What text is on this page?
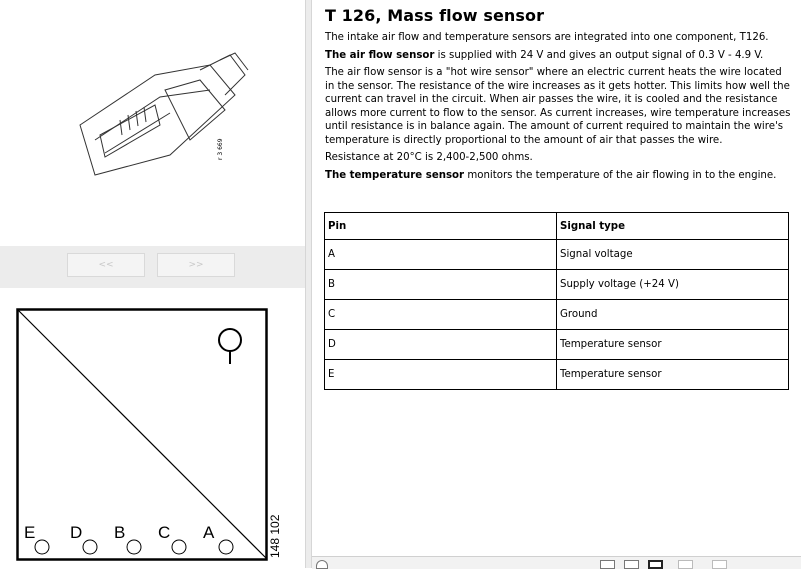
r 3 669
<<	>>
E D B C A	148 102
T 126, Mass flow sensor

The intake air flow and temperature sensors are integrated into one component, T126.

The air flow sensor is supplied with 24 V and gives an output signal of 0.3 V - 4.9 V.

The air flow sensor is a "hot wire sensor" where an electric current heats the wire located in the sensor. The resistance of the wire increases as it gets hotter. This limits how well the current can travel in the circuit. When air passes the wire, it is cooled and the resistance allows more current to flow to the sensor. As current increases, wire temperature increases until resistance is in balance again. The amount of current required to maintain the wire's temperature is directly proportional to the amount of air that passes the wire.

Resistance at 20°C is 2,400-2,500 ohms.

The temperature sensor monitors the temperature of the air flowing in to the engine.

Pin	Signal type
A	Signal voltage
B	Supply voltage (+24 V)
C	Ground
D	Temperature sensor
E	Temperature sensor
